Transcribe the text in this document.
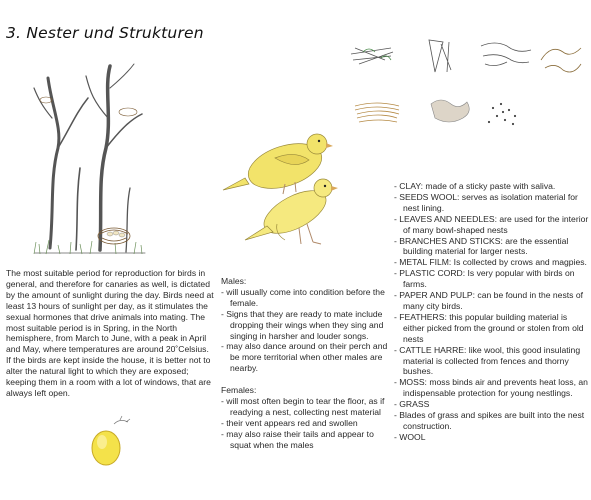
3. Nester und Strukturen
The most suitable period for reproduction for birds in general, and therefore for canaries as well, is dictated by the amount of sunlight during the day. Birds need at least 13 hours of sunlight per day, as it stimulates the sexual hormones that drive animals into mating. The most suitable period is in Spring, in the North hemisphere, from March to June, with a peak in April and May, where temperatures are around 20˚Celsius. If the birds are kept inside the house, it is better not to alter the natural light to which they are exposed; keeping them in a room with a lot of windows, that are always left open.
Males:
- will usually come into condition before the female.
- Signs that they are ready to mate include dropping their wings when they sing and singing in harsher and louder songs.
- may also dance around on their perch and be more territorial when other males are nearby.
Females:
- will most often begin to tear the floor, as if readying a nest, collecting nest material
- their vent appears red and swollen
- may also raise their tails and appear to squat when the males
- CLAY: made of a sticky paste with saliva.
- SEEDS WOOL: serves as isolation material for nest lining.
- LEAVES AND NEEDLES: are used for the interior of many bowl-shaped nests
- BRANCHES AND STICKS: are the essential building material for larger nests.
- METAL FILM: Is collected by crows and magpies.
- PLASTIC CORD: Is very popular with birds on farms.
- PAPER AND PULP: can be found in the nests of many city birds.
- FEATHERS: this popular building material is either picked from the ground or stolen from old nests
- CATTLE HARRE: like wool, this good insulating material is collected from fences and thorny bushes.
- MOSS: moss binds air and prevents heat loss, an indispensable protection for young nestlings.
- GRASS
- Blades of grass and spikes are built into the nest construction.
- WOOL
